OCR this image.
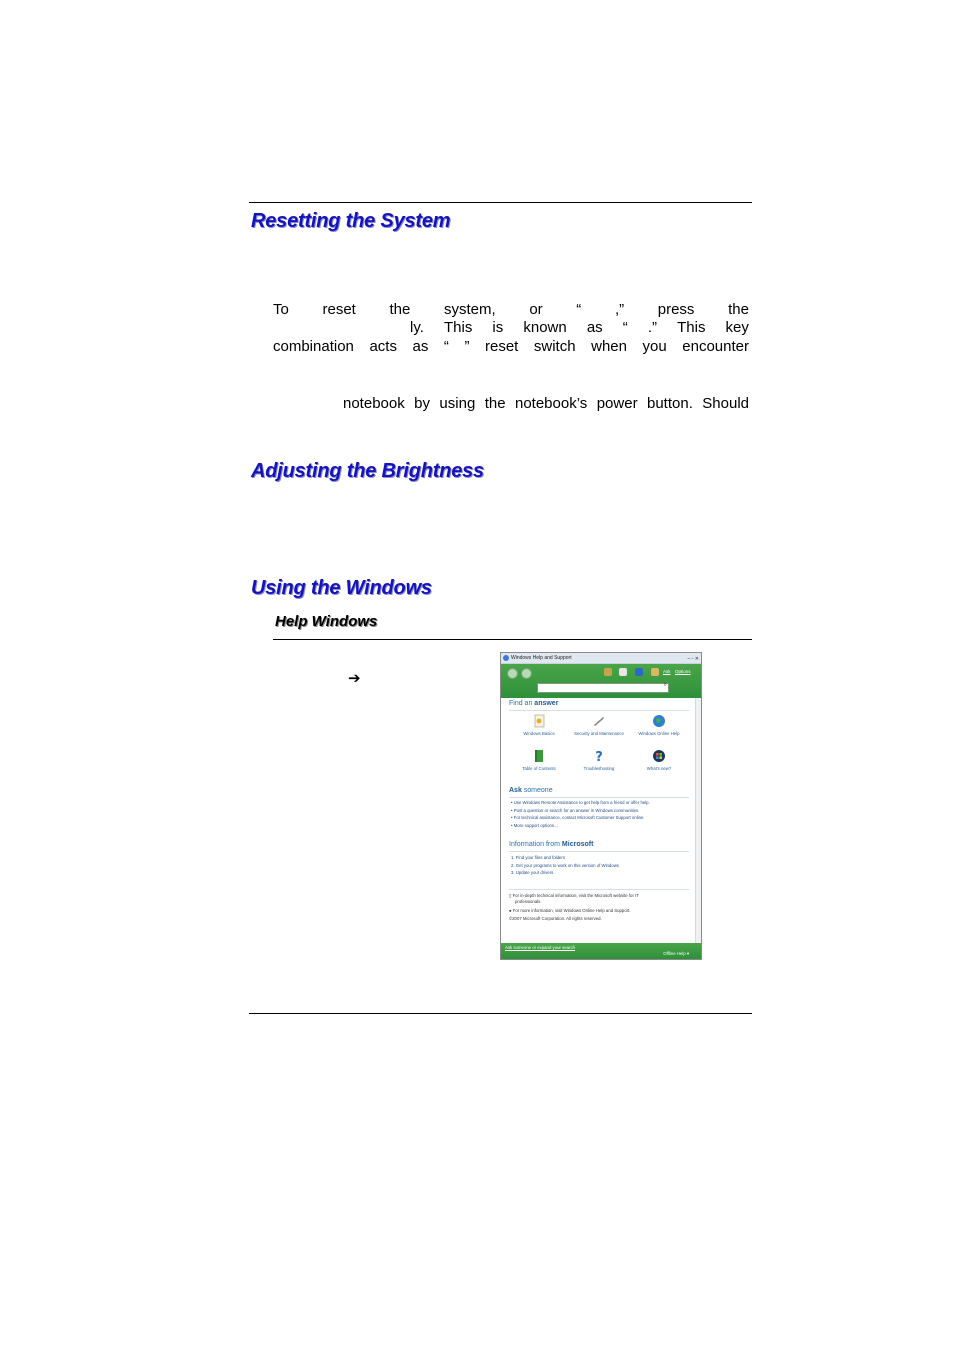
Resetting the System
To reset the system, or “ ,” press the
ly. This is known as “ .” This key
combination acts as “ ” reset switch when you encounter
notebook by using the notebook’s power button. Should
Adjusting the Brightness
Using the Windows
Help Windows
➔
Windows Help and Support	– ▫ ✕
Ask Options
⌕
Find an answer
Windows Basics	Security and Maintenance	Windows Online Help
Table of Contents
?
Troubleshooting	What's new?
Ask someone
• Use Windows Remote Assistance to get help from a friend or offer help.
• Post a question or search for an answer in Windows communities.
• For technical assistance, contact Microsoft Customer Support online.
• More support options...
Information from Microsoft
1. Find your files and folders
2. Get your programs to work on this version of Windows
3. Update your drivers
▯ For in-depth technical information, visit the Microsoft website for IT
professionals.
● For more information, visit Windows Online Help and Support.
©2007 Microsoft Corporation. All rights reserved.
Ask someone or expand your search
Offline Help ▾
